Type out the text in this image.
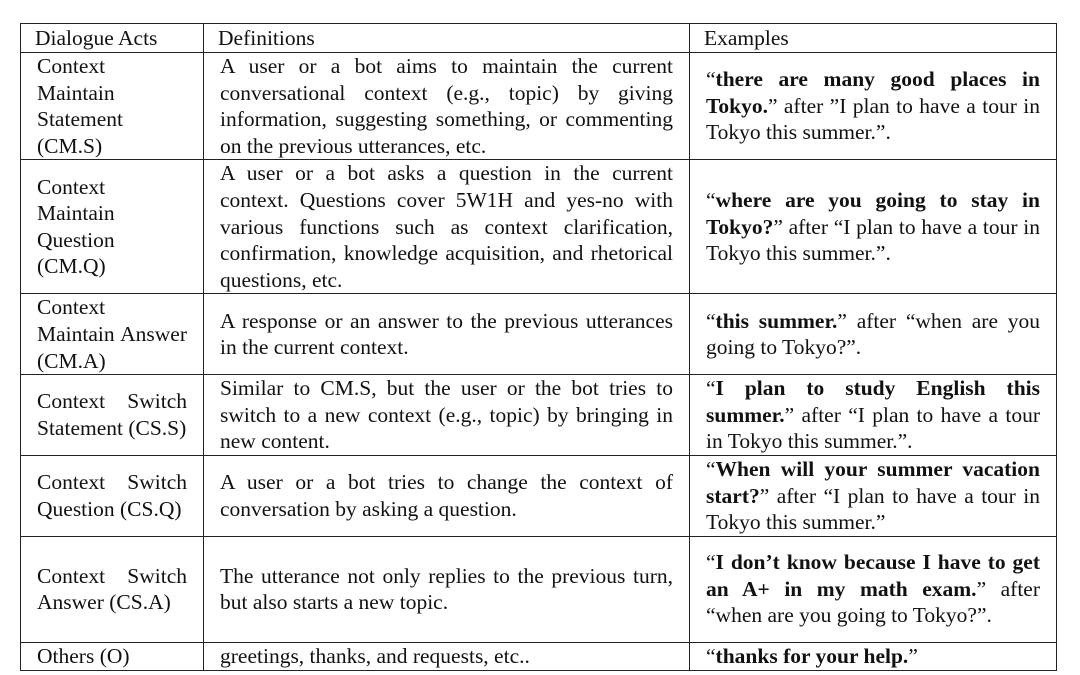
Dialogue Acts	Definitions	Examples
Context Maintain Statement (CM.S)	A user or a bot aims to maintain the current conversational context (e.g., topic) by giving information, suggesting something, or commenting on the previous utterances, etc.	“there are many good places in Tokyo.” after ”I plan to have a tour in Tokyo this summer.”.
Context Maintain Question (CM.Q)	A user or a bot asks a question in the current context. Questions cover 5W1H and yes-no with various functions such as context clarification, confirmation, knowledge acquisition, and rhetorical questions, etc.	“where are you going to stay in Tokyo?” after “I plan to have a tour in Tokyo this summer.”.
Context Maintain Answer (CM.A)	A response or an answer to the previous utterances in the current context.	“this summer.” after “when are you going to Tokyo?”.
Context Switch Statement (CS.S)	Similar to CM.S, but the user or the bot tries to switch to a new context (e.g., topic) by bringing in new content.	“I plan to study English this summer.” after “I plan to have a tour in Tokyo this summer.”.
Context Switch Question (CS.Q)	A user or a bot tries to change the context of conversation by asking a question.	“When will your summer vacation start?” after “I plan to have a tour in Tokyo this summer.”
Context Switch Answer (CS.A)	The utterance not only replies to the previous turn, but also starts a new topic.	“I don’t know because I have to get an A+ in my math exam.” after “when are you going to Tokyo?”.
Others (O)	greetings, thanks, and requests, etc..	“thanks for your help.”
